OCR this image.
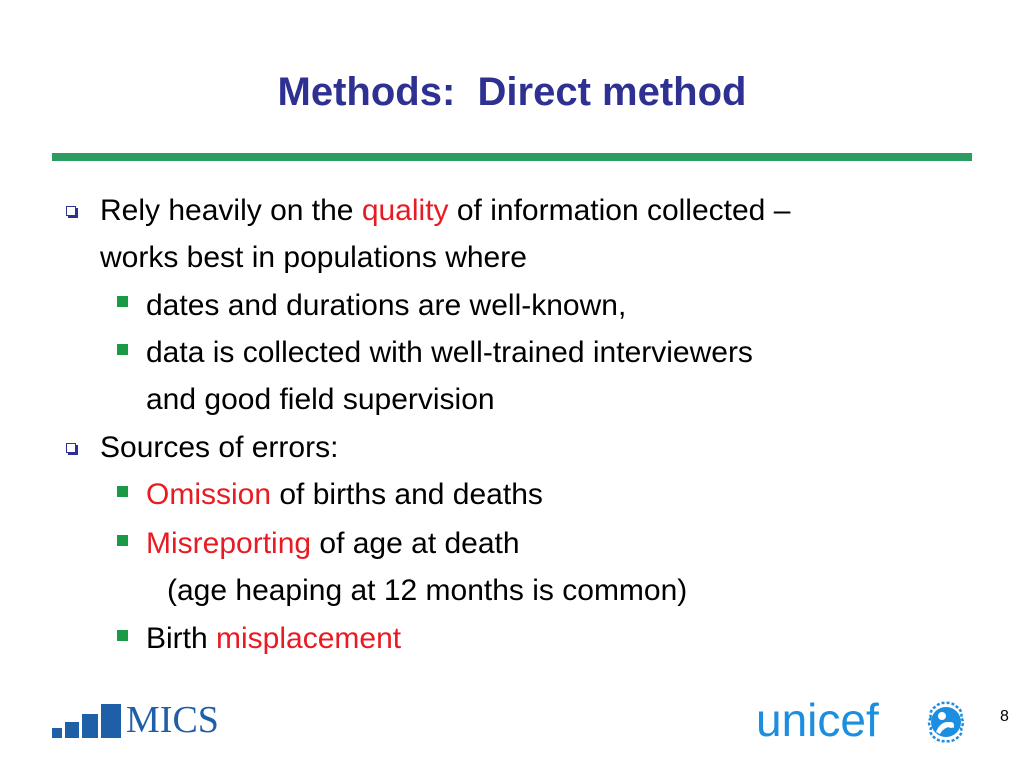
Methods:  Direct method
Rely heavily on the quality of information collected –
works best in populations where
dates and durations are well-known,
data is collected with well-trained interviewers
and good field supervision
Sources of errors:
Omission of births and deaths
Misreporting of age at death
(age heaping at 12 months is common)
Birth misplacement
MICS	unicef	8
